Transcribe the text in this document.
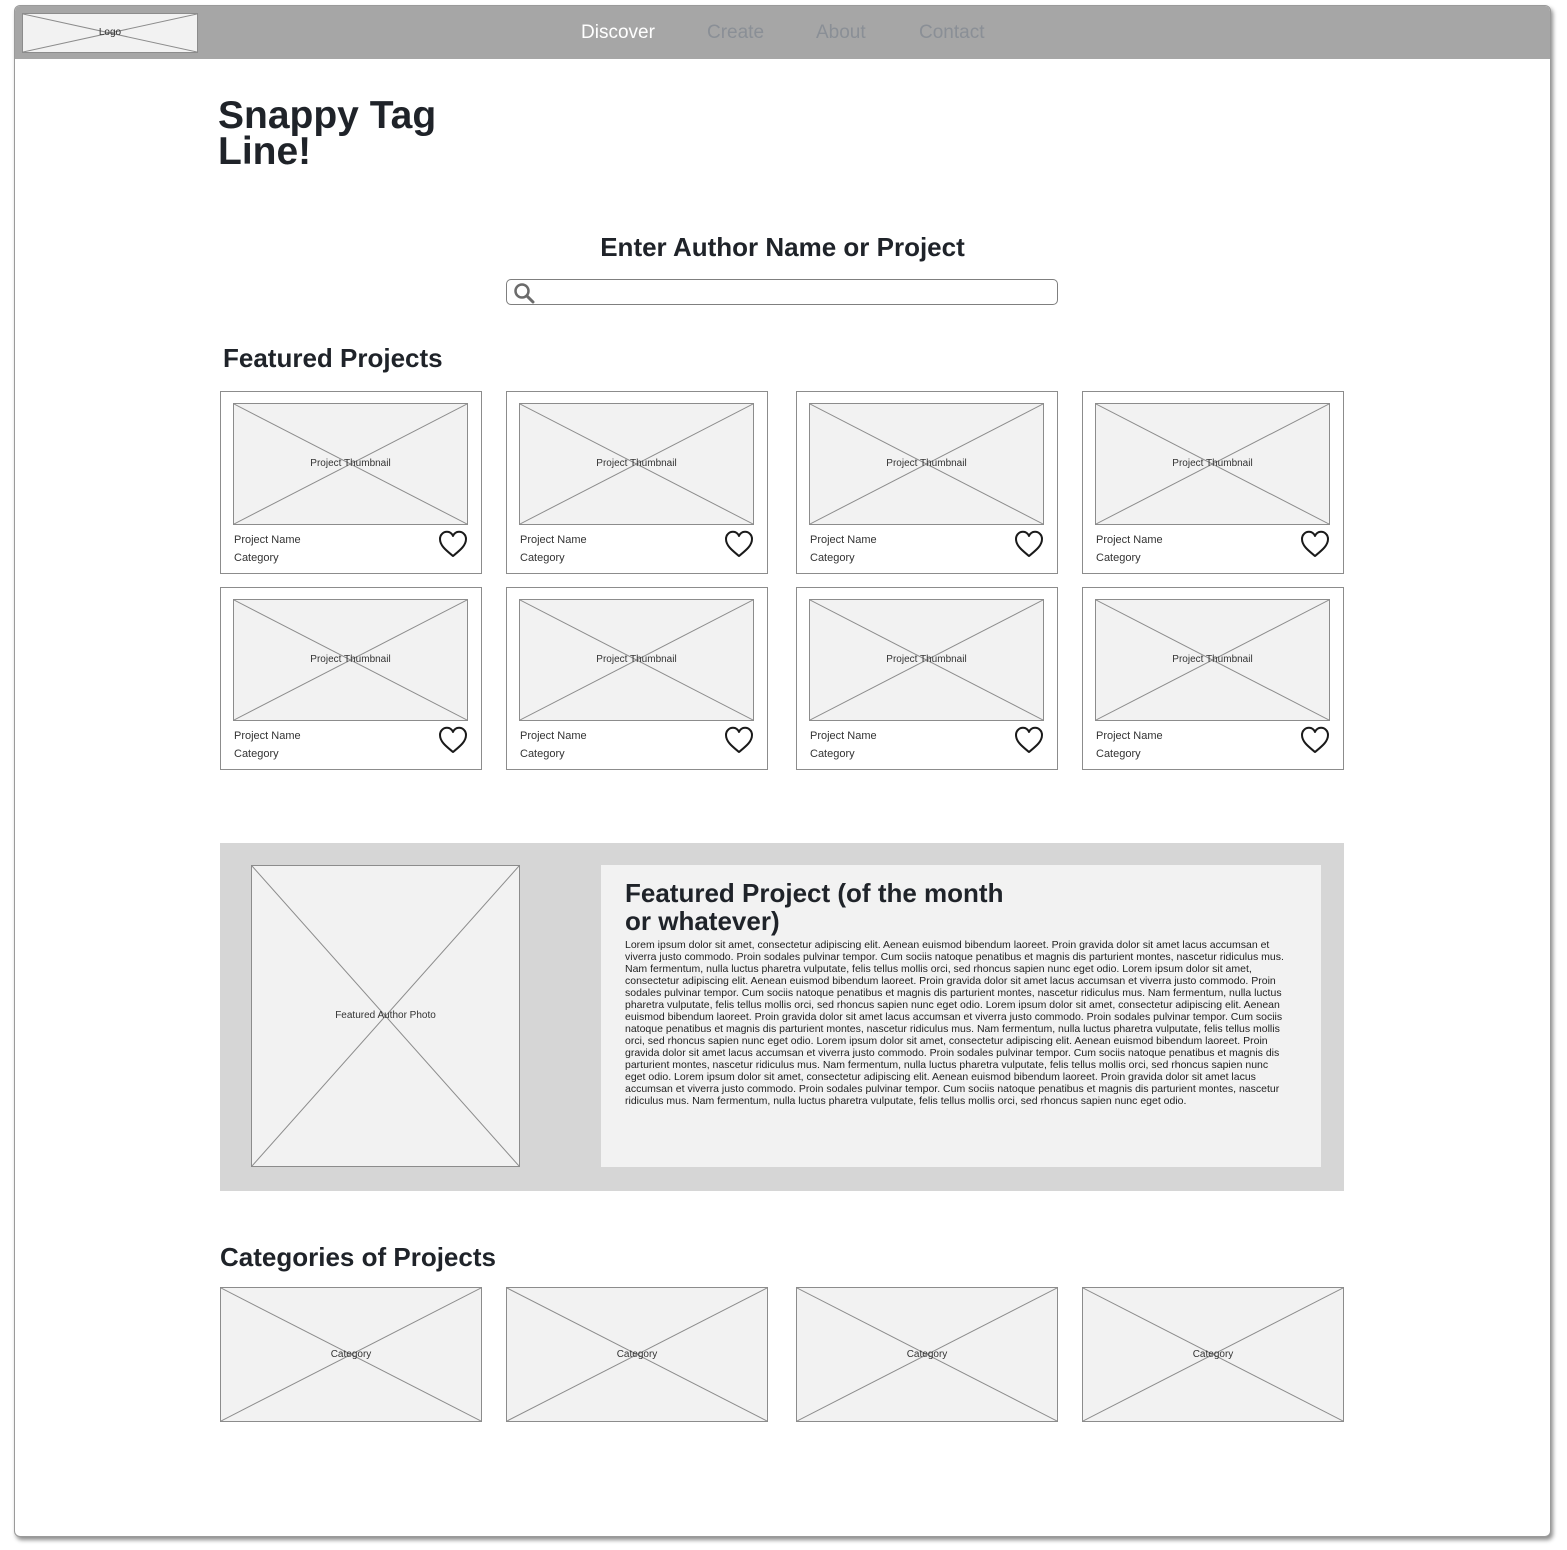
Logo	Discover	Create	About	Contact
Snappy Tag Line!
Enter Author Name or Project
Featured Projects
Project Thumbnail
Project Name
Category
Project Thumbnail
Project Name
Category
Project Thumbnail
Project Name
Category
Project Thumbnail
Project Name
Category
Project Thumbnail
Project Name
Category
Project Thumbnail
Project Name
Category
Project Thumbnail
Project Name
Category
Project Thumbnail
Project Name
Category
Featured Author Photo
Featured Project (of the month or whatever)

Lorem ipsum dolor sit amet, consectetur adipiscing elit. Aenean euismod bibendum laoreet. Proin gravida dolor sit amet lacus accumsan et viverra justo commodo. Proin sodales pulvinar tempor. Cum sociis natoque penatibus et magnis dis parturient montes, nascetur ridiculus mus. Nam fermentum, nulla luctus pharetra vulputate, felis tellus mollis orci, sed rhoncus sapien nunc eget odio. Lorem ipsum dolor sit amet, consectetur adipiscing elit. Aenean euismod bibendum laoreet. Proin gravida dolor sit amet lacus accumsan et viverra justo commodo. Proin sodales pulvinar tempor. Cum sociis natoque penatibus et magnis dis parturient montes, nascetur ridiculus mus. Nam fermentum, nulla luctus pharetra vulputate, felis tellus mollis orci, sed rhoncus sapien nunc eget odio. Lorem ipsum dolor sit amet, consectetur adipiscing elit. Aenean euismod bibendum laoreet. Proin gravida dolor sit amet lacus accumsan et viverra justo commodo. Proin sodales pulvinar tempor. Cum sociis natoque penatibus et magnis dis parturient montes, nascetur ridiculus mus. Nam fermentum, nulla luctus pharetra vulputate, felis tellus mollis orci, sed rhoncus sapien nunc eget odio. Lorem ipsum dolor sit amet, consectetur adipiscing elit. Aenean euismod bibendum laoreet. Proin gravida dolor sit amet lacus accumsan et viverra justo commodo. Proin sodales pulvinar tempor. Cum sociis natoque penatibus et magnis dis parturient montes, nascetur ridiculus mus. Nam fermentum, nulla luctus pharetra vulputate, felis tellus mollis orci, sed rhoncus sapien nunc eget odio. Lorem ipsum dolor sit amet, consectetur adipiscing elit. Aenean euismod bibendum laoreet. Proin gravida dolor sit amet lacus accumsan et viverra justo commodo. Proin sodales pulvinar tempor. Cum sociis natoque penatibus et magnis dis parturient montes, nascetur ridiculus mus. Nam fermentum, nulla luctus pharetra vulputate, felis tellus mollis orci, sed rhoncus sapien nunc eget odio.

Categories of Projects
Category	Category	Category	Category
